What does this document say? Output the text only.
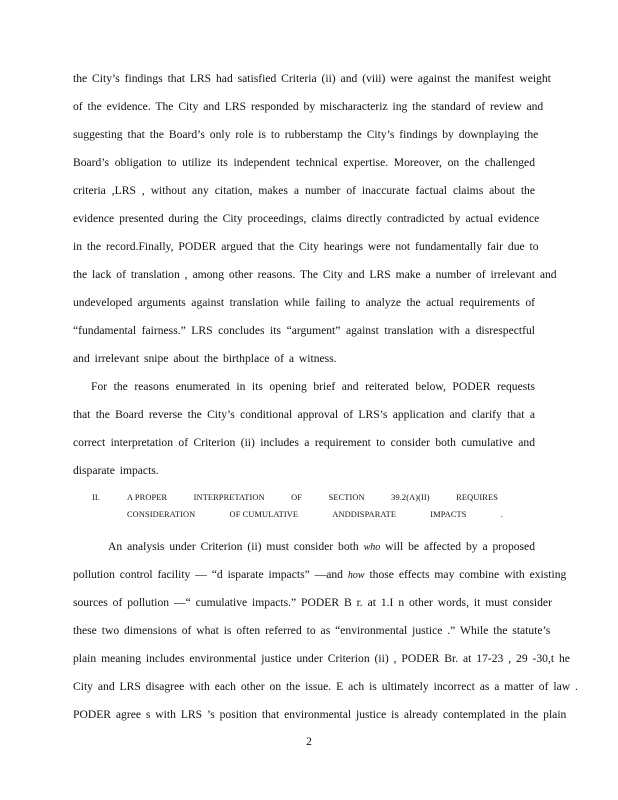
the City’s findings that LRS had satisfied Criteria (ii) and (viii) were against the manifest weight
of the evidence. The City and LRS responded by mischaracteriz ing the standard of review and
suggesting that the Board’s only role is to rubberstamp the City’s findings by downplaying the
Board’s obligation to utilize its independent technical expertise. Moreover, on the challenged
criteria ,LRS , without any citation, makes a number of inaccurate factual claims about the
evidence presented during the City proceedings, claims directly contradicted by actual evidence
in the record.Finally, PODER argued that the City hearings were not fundamentally fair due to
the lack of translation , among other reasons. The City and LRS make a number of irrelevant and
undeveloped arguments against translation while failing to analyze the actual requirements of
“fundamental fairness.” LRS concludes its “argument” against translation with a disrespectful
and irrelevant snipe about the birthplace of a witness.
For the reasons enumerated in its opening brief and reiterated below, PODER requests
that the Board reverse the City’s conditional approval of LRS’s application and clarify that a
correct interpretation of Criterion (ii) includes a requirement to consider both cumulative and
disparate impacts.
II.	A PROPER	INTERPRETATION	OF	SECTION	39.2(A)(II)	REQUIRES
CONSIDERATION	OF CUMULATIVE	ANDDISPARATE	IMPACTS	.
An analysis under Criterion (ii) must consider both who will be affected by a proposed
pollution control facility — “d isparate impacts” —and how those effects may combine with existing
sources of pollution —“ cumulative impacts.” PODER B r. at 1.I n other words, it must consider
these two dimensions of what is often referred to as “environmental justice .” While the statute’s
plain meaning includes environmental justice under Criterion (ii) , PODER Br. at 17-23 , 29 -30,t he
City and LRS disagree with each other on the issue. E ach is ultimately incorrect as a matter of law .
PODER agree s with LRS ’s position that environmental justice is already contemplated in the plain
2
